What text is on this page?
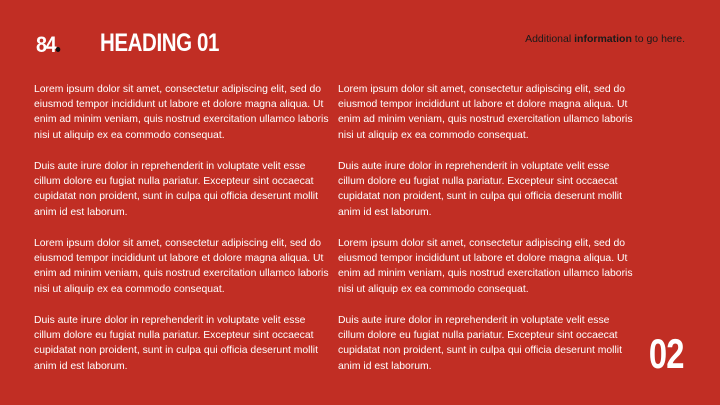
84 HEADING 01	Additional information to go here.

Lorem ipsum dolor sit amet, consectetur adipiscing elit, sed do eiusmod tempor incididunt ut labore et dolore magna aliqua. Ut enim ad minim veniam, quis nostrud exercitation ullamco laboris nisi ut aliquip ex ea commodo consequat.

Duis aute irure dolor in reprehenderit in voluptate velit esse cillum dolore eu fugiat nulla pariatur. Excepteur sint occaecat cupidatat non proident, sunt in culpa qui officia deserunt mollit anim id est laborum.

Lorem ipsum dolor sit amet, consectetur adipiscing elit, sed do eiusmod tempor incididunt ut labore et dolore magna aliqua. Ut enim ad minim veniam, quis nostrud exercitation ullamco laboris nisi ut aliquip ex ea commodo consequat.

Duis aute irure dolor in reprehenderit in voluptate velit esse cillum dolore eu fugiat nulla pariatur. Excepteur sint occaecat cupidatat non proident, sunt in culpa qui officia deserunt mollit anim id est laborum.

Lorem ipsum dolor sit amet, consectetur adipiscing elit, sed do eiusmod tempor incididunt ut labore et dolore magna aliqua. Ut enim ad minim veniam, quis nostrud exercitation ullamco laboris nisi ut aliquip ex ea commodo consequat.

Duis aute irure dolor in reprehenderit in voluptate velit esse cillum dolore eu fugiat nulla pariatur. Excepteur sint occaecat cupidatat non proident, sunt in culpa qui officia deserunt mollit anim id est laborum.

Lorem ipsum dolor sit amet, consectetur adipiscing elit, sed do eiusmod tempor incididunt ut labore et dolore magna aliqua. Ut enim ad minim veniam, quis nostrud exercitation ullamco laboris nisi ut aliquip ex ea commodo consequat.

Duis aute irure dolor in reprehenderit in voluptate velit esse cillum dolore eu fugiat nulla pariatur. Excepteur sint occaecat cupidatat non proident, sunt in culpa qui officia deserunt mollit anim id est laborum.	02
